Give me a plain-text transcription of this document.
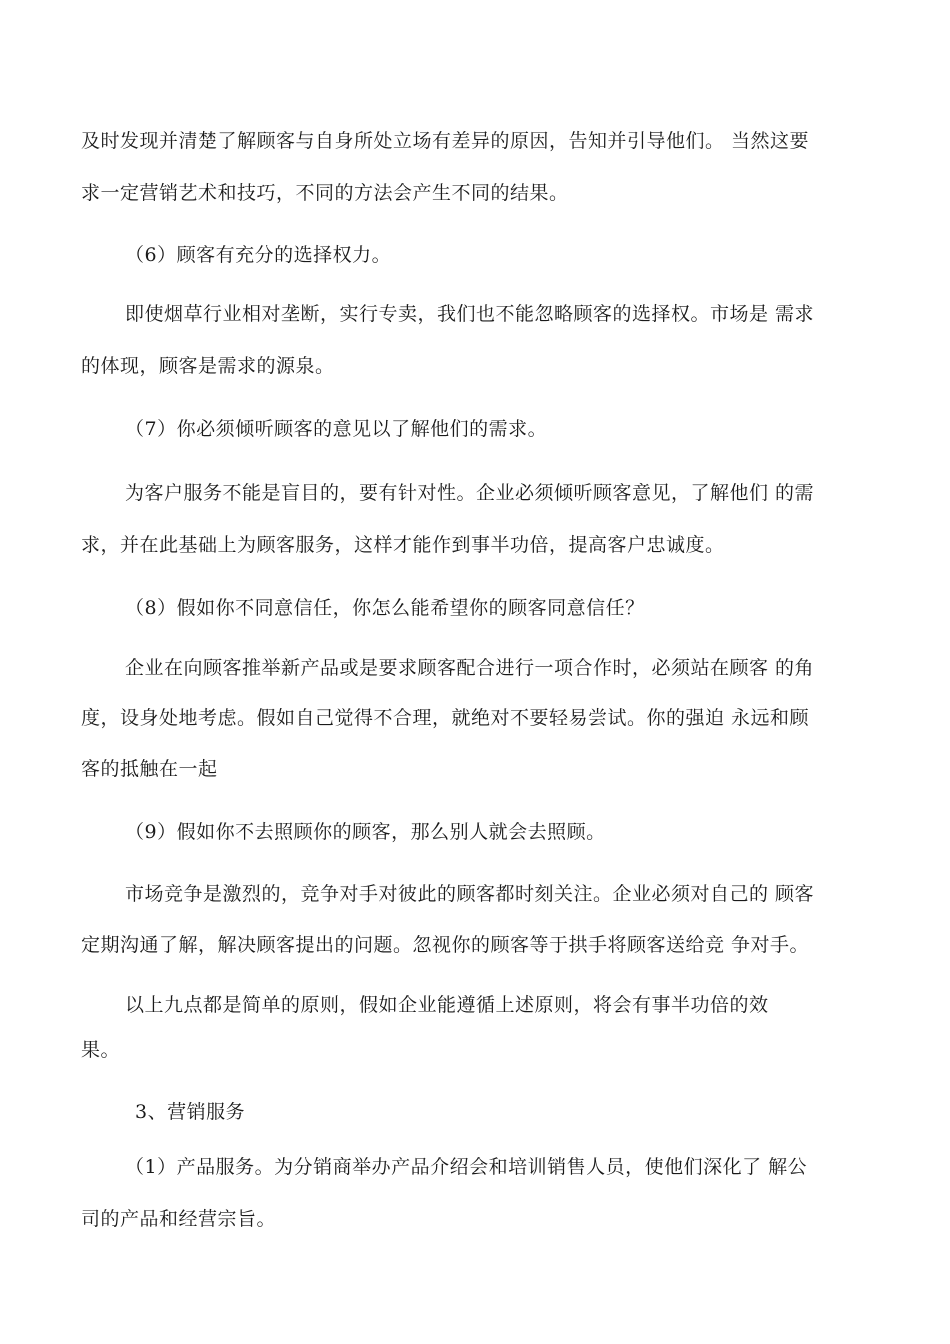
及时发现并清楚了解顾客与自身所处立场有差异的原因，告知并引导他们。 当然这要
求一定营销艺术和技巧，不同的方法会产生不同的结果。
（6）顾客有充分的选择权力。
即使烟草行业相对垄断，实行专卖，我们也不能忽略顾客的选择权。市场是 需求
的体现，顾客是需求的源泉。
（7）你必须倾听顾客的意见以了解他们的需求。
为客户服务不能是盲目的，要有针对性。企业必须倾听顾客意见，了解他们 的需
求，并在此基础上为顾客服务，这样才能作到事半功倍，提高客户忠诚度。
（8）假如你不同意信任，你怎么能希望你的顾客同意信任？
企业在向顾客推举新产品或是要求顾客配合进行一项合作时，必须站在顾客 的角
度，设身处地考虑。假如自己觉得不合理，就绝对不要轻易尝试。你的强迫 永远和顾
客的抵触在一起
（9）假如你不去照顾你的顾客，那么别人就会去照顾。
市场竞争是激烈的，竞争对手对彼此的顾客都时刻关注。企业必须对自己的 顾客
定期沟通了解，解决顾客提出的问题。忽视你的顾客等于拱手将顾客送给竞 争对手。
以上九点都是简单的原则，假如企业能遵循上述原则，将会有事半功倍的效
果。
3、营销服务
（1）产品服务。为分销商举办产品介绍会和培训销售人员，使他们深化了 解公
司的产品和经营宗旨。
